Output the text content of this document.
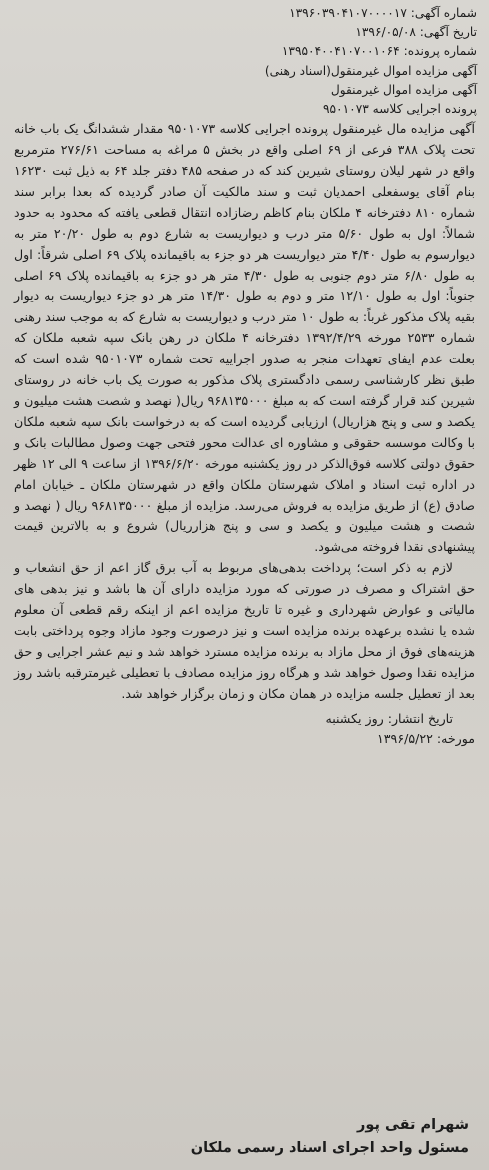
شماره آگهی: ۱۳۹۶۰۳۹۰۴۱۰۷۰۰۰۰۱۷
تاریخ آگهی: ۱۳۹۶/۰۵/۰۸
شماره پرونده: ۱۳۹۵۰۴۰۰۴۱۰۷۰۰۱۰۶۴
آگهی مزایده اموال غیرمنقول(اسناد رهنی)
آگهی مزایده اموال غیرمنقول
پرونده اجرایی کلاسه ۹۵۰۱۰۷۳

آگهی مزایده مال غیرمنقول پرونده اجرایی کلاسه ۹۵۰۱۰۷۳ مقدار ششدانگ یک باب خانه تحت پلاک ۳۸۸ فرعی از ۶۹ اصلی واقع در بخش ۵ مراغه به مساحت ۲۷۶/۶۱ مترمربع واقع در شهر لیلان روستای شیرین کند که در صفحه ۴۸۵ دفتر جلد ۶۴ به ذیل ثبت ۱۶۲۳۰ بنام آقای یوسفعلی احمدیان ثبت و سند مالکیت آن صادر گردیده که بعدا برابر سند شماره ۸۱۰ دفترخانه ۴ ملکان بنام کاظم رضازاده انتقال قطعی یافته که محدود به حدود شمالاً: اول به طول ۵/۶۰ متر درب و دیواریست به شارع دوم به طول ۲۰/۲۰ متر به دیوارسوم به طول ۴/۴۰ متر دیواریست هر دو جزء به باقیمانده پلاک ۶۹ اصلی شرقاً: اول به طول ۶/۸۰ متر دوم جنوبی به طول ۴/۳۰ متر هر دو جزء به باقیمانده پلاک ۶۹ اصلی جنوباً: اول به طول ۱۲/۱۰ متر و دوم به طول ۱۴/۳۰ متر هر دو جزء دیواریست به دیوار بقیه پلاک مذکور غرباً: به طول ۱۰ متر درب و دیواریست به شارع که به موجب سند رهنی شماره ۲۵۳۳ مورخه ۱۳۹۲/۴/۲۹ دفترخانه ۴ ملکان در رهن بانک سپه شعبه ملکان که بعلت عدم ایفای تعهدات منجر به صدور اجراییه تحت شماره ۹۵۰۱۰۷۳ شده است که طبق نظر کارشناسی رسمی دادگستری پلاک مذکور به صورت یک باب خانه در روستای شیرین کند قرار گرفته است که به مبلغ ۹۶۸۱۳۵۰۰۰ ریال( نهصد و شصت هشت میلیون و یکصد و سی و پنج هزاریال) ارزیابی گردیده است که به درخواست بانک سپه شعبه ملکان با وکالت موسسه حقوقی و مشاوره ای عدالت محور فتحی جهت وصول مطالبات بانک و حقوق دولتی کلاسه فوق‌الذکر در روز یکشنبه مورخه ۱۳۹۶/۶/۲۰ از ساعت ۹ الی ۱۲ ظهر در اداره ثبت اسناد و املاک شهرستان ملکان واقع در شهرستان ملکان ـ خیابان امام صادق (ع) از طریق مزایده به فروش می‌رسد. مزایده از مبلغ ۹۶۸۱۳۵۰۰۰ ریال ( نهصد و شصت و هشت میلیون و یکصد و سی و پنج هزارریال) شروع و به بالاترین قیمت پیشنهادی نقدا فروخته می‌شود.

لازم به ذکر است؛ پرداخت بدهی‌های مربوط به آب برق گاز اعم از حق انشعاب و حق اشتراک و مصرف در صورتی که مورد مزایده دارای آن ها باشد و نیز بدهی های مالیاتی و عوارض شهرداری و غیره تا تاریخ مزایده اعم از اینکه رقم قطعی آن معلوم شده یا نشده برعهده برنده مزایده است و نیز درصورت وجود مازاد وجوه پرداختی بابت هزینه‌های فوق از محل مازاد به برنده مزایده مسترد خواهد شد و نیم عشر اجرایی و حق مزایده نقدا وصول خواهد شد و هرگاه روز مزایده مصادف با تعطیلی غیرمترقبه باشد روز بعد از تعطیل جلسه مزایده در همان مکان و زمان برگزار خواهد شد.

تاریخ انتشار: روز یکشنبه
مورخه: ۱۳۹۶/۵/۲۲
شهرام تقی پور
مسئول واحد اجرای اسناد رسمی ملکان
